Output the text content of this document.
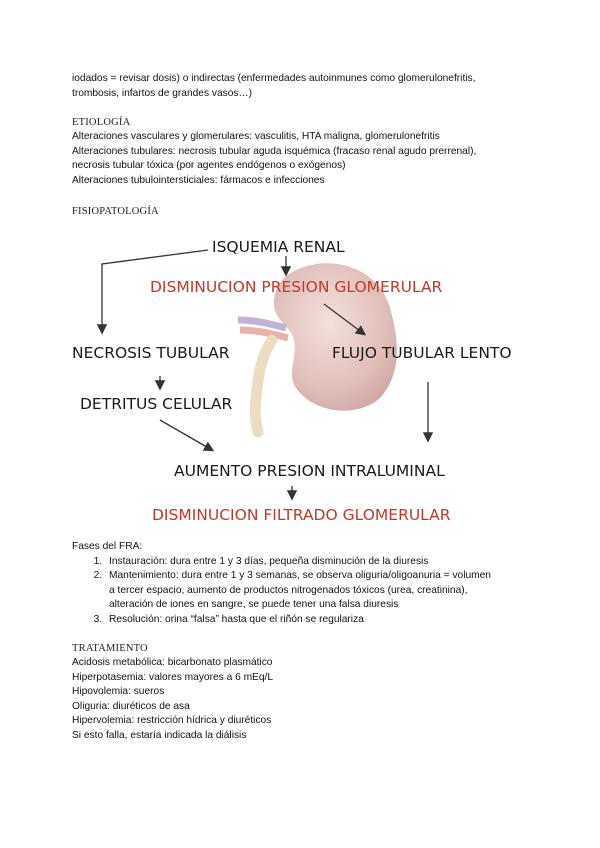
iodados = revisar dosis) o indirectas (enfermedades autoinmunes como glomerulonefritis,

trombosis, infartos de grandes vasos…)

ETIOLOGÍA

Alteraciones vasculares y glomerulares: vasculitis, HTA maligna, glomerulonefritis

Alteraciones tubulares: necrosis tubular aguda isquémica (fracaso renal agudo prerrenal),

necrosis tubular tóxica (por agentes endógenos o exógenos)

Alteraciones tubulointersticiales: fármacos e infecciones

FISIOPATOLOGÍA

ISQUEMIA RENAL
DISMINUCION PRESION GLOMERULAR
NECROSIS TUBULAR	FLUJO TUBULAR LENTO
DETRITUS CELULAR
AUMENTO PRESION INTRALUMINAL
DISMINUCION FILTRADO GLOMERULAR

Fases del FRA:

1. Instauración: dura entre 1 y 3 días, pequeña disminución de la diuresis
2. Mantenimiento: dura entre 1 y 3 semanas, se observa oliguria/oligoanuria = volumen
a tercer espacio, aumento de productos nitrogenados tóxicos (urea, creatinina),
alteración de iones en sangre, se puede tener una falsa diuresis
3. Resolución: orina “falsa” hasta que el riñón se regulariza

TRATAMIENTO

Acidosis metabólica: bicarbonato plasmático

Hiperpotasemia: valores mayores a 6 mEq/L

Hipovolemia: sueros

Oliguria: diuréticos de asa

Hipervolemia: restricción hídrica y diuréticos

Si esto falla, estaría indicada la diálisis
